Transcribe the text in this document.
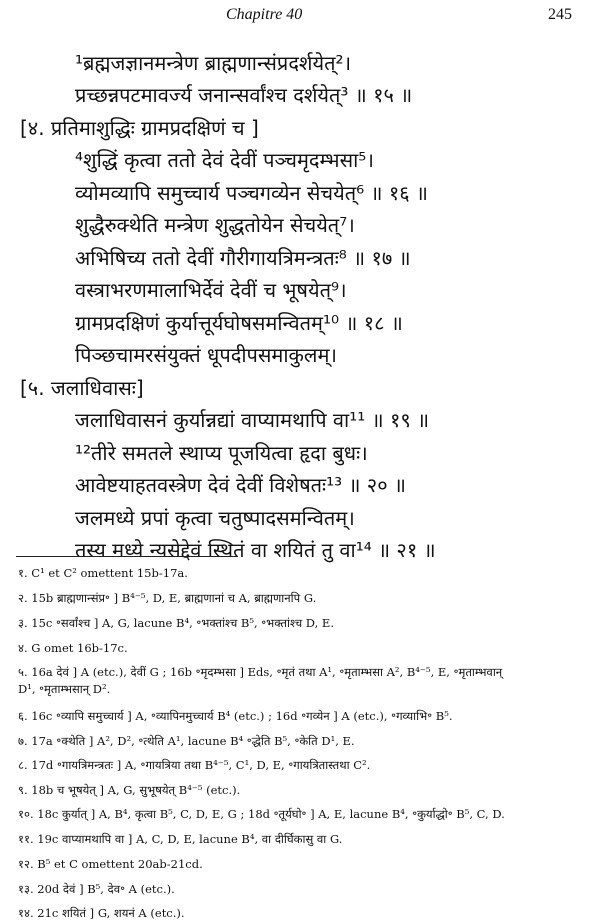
Chapitre 40	245
¹ब्रह्मजज्ञानमन्त्रेण ब्राह्मणान्संप्रदर्शयेत्²।
प्रच्छन्नपटमावर्ज्य जनान्सर्वांश्च दर्शयेत्³ ॥ १५ ॥
[४. प्रतिमाशुद्धिः ग्रामप्रदक्षिणं च ]
⁴शुद्धिं कृत्वा ततो देवं देवीं पञ्चमृदम्भसा⁵।
व्योमव्यापि समुच्चार्य पञ्चगव्येन सेचयेत्⁶ ॥ १६ ॥
शुद्धैरुक्थेति मन्त्रेण शुद्धतोयेन सेचयेत्⁷।
अभिषिच्य ततो देवीं गौरीगायत्रिमन्त्रतः⁸ ॥ १७ ॥
वस्त्राभरणमालाभिर्देवं देवीं च भूषयेत्⁹।
ग्रामप्रदक्षिणं कुर्यात्तूर्यघोषसमन्वितम्¹⁰ ॥ १८ ॥
पिञ्छचामरसंयुक्तं धूपदीपसमाकुलम्।
[५. जलाधिवासः]
जलाधिवासनं कुर्यान्नद्यां वाप्यामथापि वा¹¹ ॥ १९ ॥
¹²तीरे समतले स्थाप्य पूजयित्वा हृदा बुधः।
आवेष्टयाहतवस्त्रेण देवं देवीं विशेषतः¹³ ॥ २० ॥
जलमध्ये प्रपां कृत्वा चतुष्पादसमन्वितम्।
तस्य मध्ये न्यसेद्देवं स्थितं वा शयितं तु वा¹⁴ ॥ २१ ॥
१. C¹ et C² omettent 15b-17a.
२. 15b ब्राह्मणान्संप्र॰ ] B⁴⁻⁵, D, E, ब्राह्मणानां च A, ब्राह्मणानपि G.
३. 15c ॰सर्वांश्च ] A, G, lacune B⁴, ॰भक्तांश्च B⁵, ॰भक्तांश्च D, E.
४. G omet 16b-17c.
५. 16a देवं ] A (etc.), देवीं G ; 16b ॰मृदम्भसा ] Eds, ॰मृतं तथा A¹, ॰मृताम्भसा A², B⁴⁻⁵, E, ॰मृताम्भवान्
D¹, ॰मृताम्भसान् D².
६. 16c ॰व्यापि समुच्चार्य ] A, ॰व्यापिनमुच्चार्य B⁴ (etc.) ; 16d ॰गव्येन ] A (etc.), ॰गव्याभि॰ B⁵.
७. 17a ॰क्थेति ] A², D², ॰त्थेति A¹, lacune B⁴ ॰द्धेति B⁵, ॰केति D¹, E.
८. 17d ॰गायत्रिमन्त्रतः ] A, ॰गायत्रिया तथा B⁴⁻⁵, C¹, D, E, ॰गायत्रितास्तथा C².
९. 18b च भूषयेत् ] A, G, सुभूषयेत् B⁴⁻⁵ (etc.).
१०. 18c कुर्यात् ] A, B⁴, कृत्वा B⁵, C, D, E, G ; 18d ॰तूर्यघो॰ ] A, E, lacune B⁴, ॰कुर्याद्धो॰ B⁵, C, D.
११. 19c वाप्यामथापि वा ] A, C, D, E, lacune B⁴, वा दीर्घिकासु वा G.
१२. B⁵ et C omettent 20ab-21cd.
१३. 20d देवं ] B⁵, देव॰ A (etc.).
१४. 21c शयितं ] G, शयनं A (etc.).
